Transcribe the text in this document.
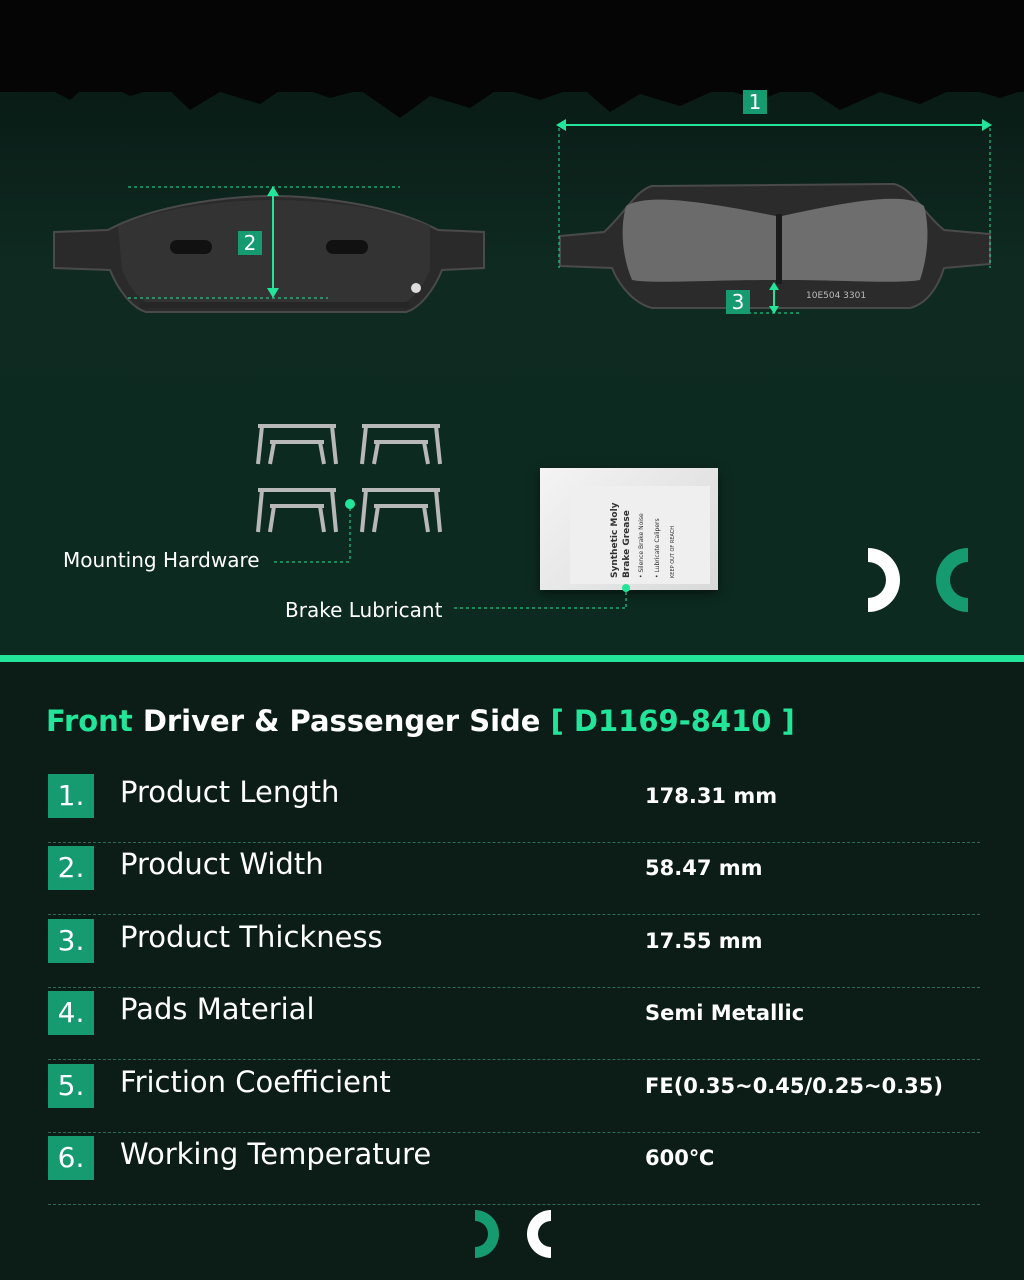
2
10E504 3301
1
3
Mounting Hardware	Synthetic Moly Brake Grease • Silence Brake Noise • Lubricate Calipers KEEP OUT OF REACH
Brake Lubricant
Front Driver & Passenger Side [ D1169-8410 ]
1.	Product Length	178.31 mm
2.	Product Width	58.47 mm
3.	Product Thickness	17.55 mm
4.	Pads Material	Semi Metallic
5.	Friction Coefficient	FE(0.35~0.45/0.25~0.35)
6.	Working Temperature	600℃
